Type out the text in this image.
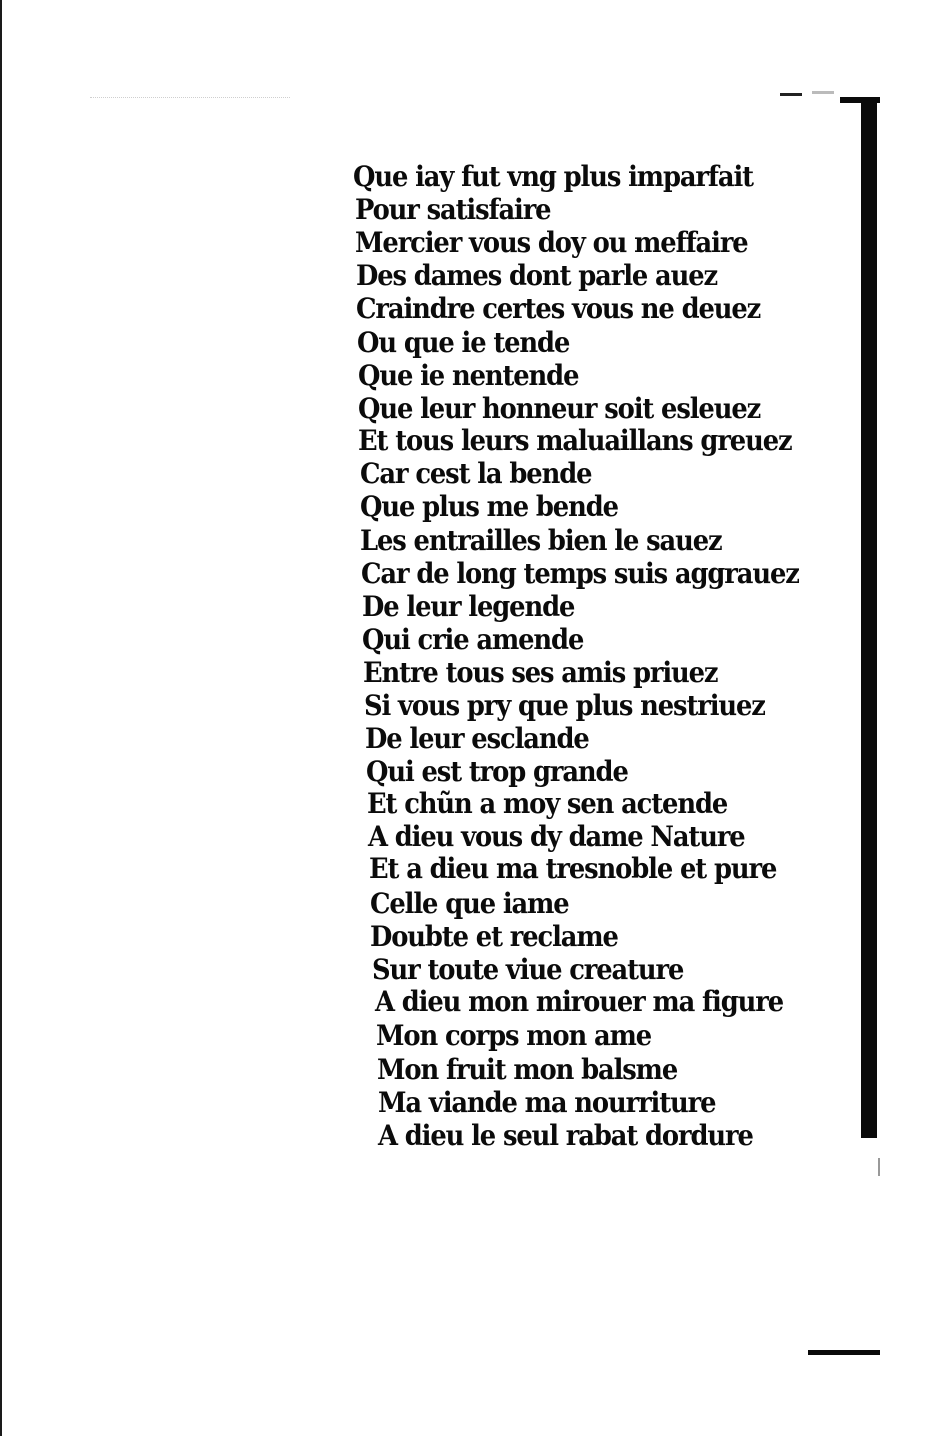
Que iay fut vng plus imparfait
Pour satisfaire
Mercier vous doy ou meffaire
Des dames dont parle auez
Craindre certes vous ne deuez
Ou que ie tende
Que ie nentende
Que leur honneur soit esleuez
Et tous leurs maluaillans greuez
Car cest la bende
Que plus me bende
Les entrailles bien le sauez
Car de long temps suis aggrauez
De leur legende
Qui crie amende
Entre tous ses amis priuez
Si vous pry que plus nestriuez
De leur esclande
Qui est trop grande
Et chũn a moy sen actende
A dieu vous dy dame Nature
Et a dieu ma tresnoble et pure
Celle que iame
Doubte et reclame
Sur toute viue creature
A dieu mon mirouer ma figure
Mon corps mon ame
Mon fruit mon balsme
Ma viande ma nourriture
A dieu le seul rabat dordure
